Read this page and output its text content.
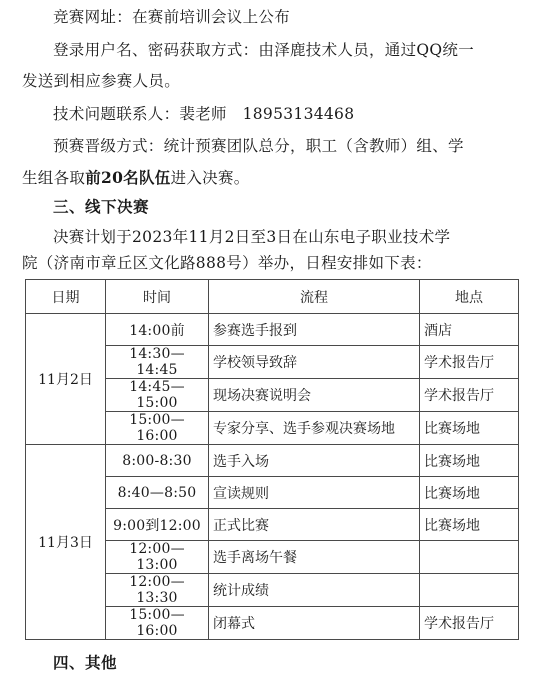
竞赛网址：在赛前培训会议上公布
登录用户名、密码获取方式：由泽鹿技术人员，通过QQ统一
发送到相应参赛人员。
技术问题联系人：裴老师　18953134468
预赛晋级方式：统计预赛团队总分，职工（含教师）组、学
生组各取前20名队伍进入决赛。
三、线下决赛
决赛计划于2023年11月2日至3日在山东电子职业技术学
院（济南市章丘区文化路888号）举办，日程安排如下表：
日期	时间	流程	地点
11月2日	14:00前	参赛选手报到	酒店
	14:30—14:45	学校领导致辞	学术报告厅
	14:45—15:00	现场决赛说明会	学术报告厅
	15:00—16:00	专家分享、选手参观决赛场地	比赛场地
11月3日	8:00-8:30	选手入场	比赛场地
	8:40—8:50	宣读规则	比赛场地
	9:00到12:00	正式比赛	比赛场地
	12:00—13:00	选手离场午餐	
	12:00—13:30	统计成绩	
	15:00—16:00	闭幕式	学术报告厅
四、其他
